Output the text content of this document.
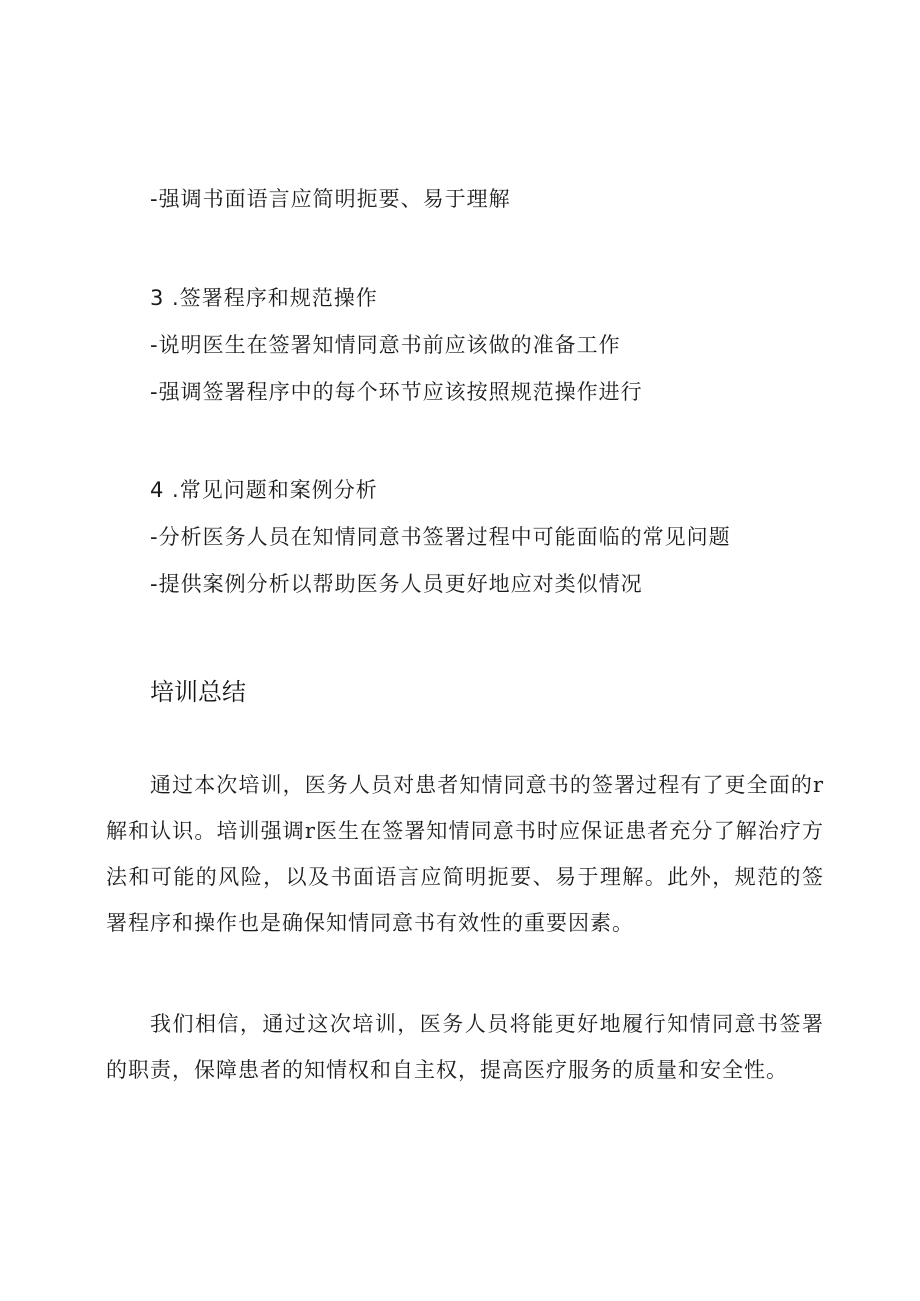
-强调书面语言应简明扼要、易于理解
3 .签署程序和规范操作
-说明医生在签署知情同意书前应该做的准备工作
-强调签署程序中的每个环节应该按照规范操作进行
4 .常见问题和案例分析
-分析医务人员在知情同意书签署过程中可能面临的常见问题
-提供案例分析以帮助医务人员更好地应对类似情况
培训总结

通过本次培训，医务人员对患者知情同意书的签署过程有了更全面的r解和认识。培训强调r医生在签署知情同意书时应保证患者充分了解治疗方法和可能的风险，以及书面语言应简明扼要、易于理解。此外，规范的签署程序和操作也是确保知情同意书有效性的重要因素。

我们相信，通过这次培训，医务人员将能更好地履行知情同意书签署的职责，保障患者的知情权和自主权，提高医疗服务的质量和安全性。
